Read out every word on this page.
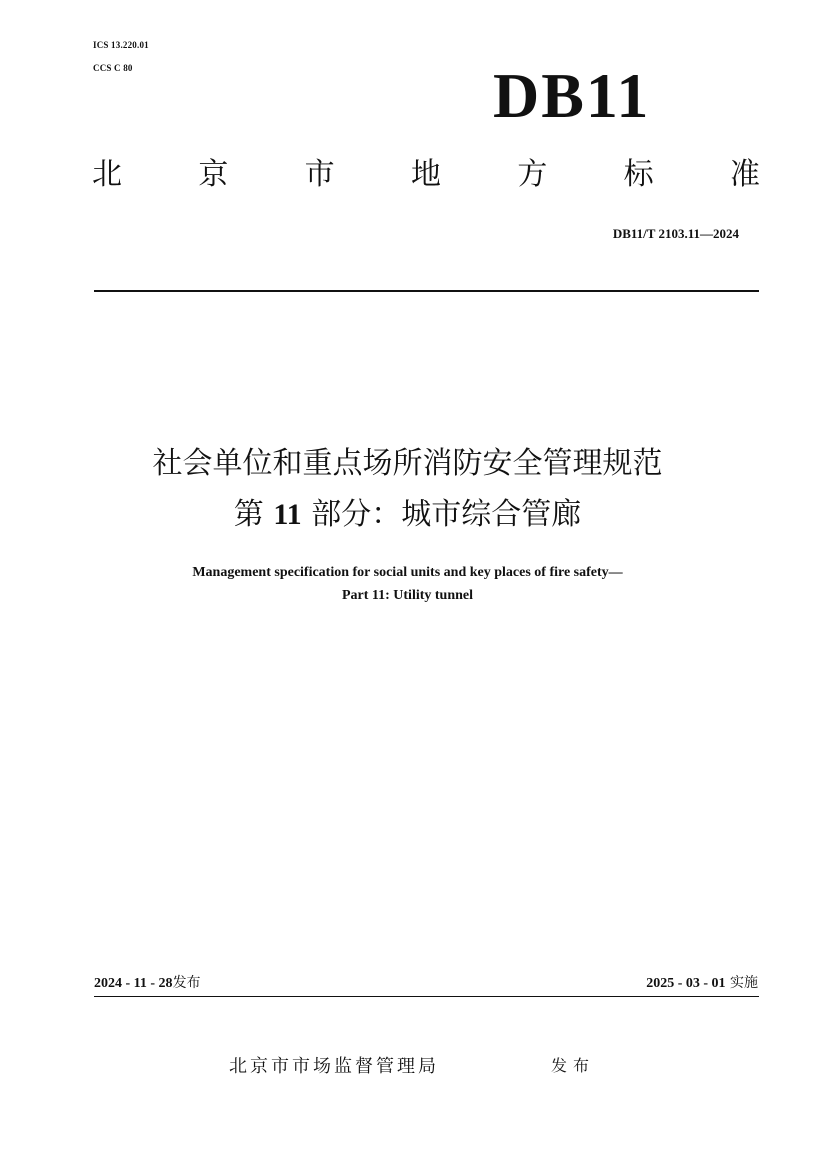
ICS 13.220.01
CCS C 80	DB11
北	京	市	地	方	标	准
DB11/T 2103.11—2024
社会单位和重点场所消防安全管理规范
第 11 部分：城市综合管廊
Management specification for social units and key places of fire safety—
Part 11: Utility tunnel
2024 - 11 - 28发布	2025 - 03 - 01 实施
北京市市场监督管理局	发布
